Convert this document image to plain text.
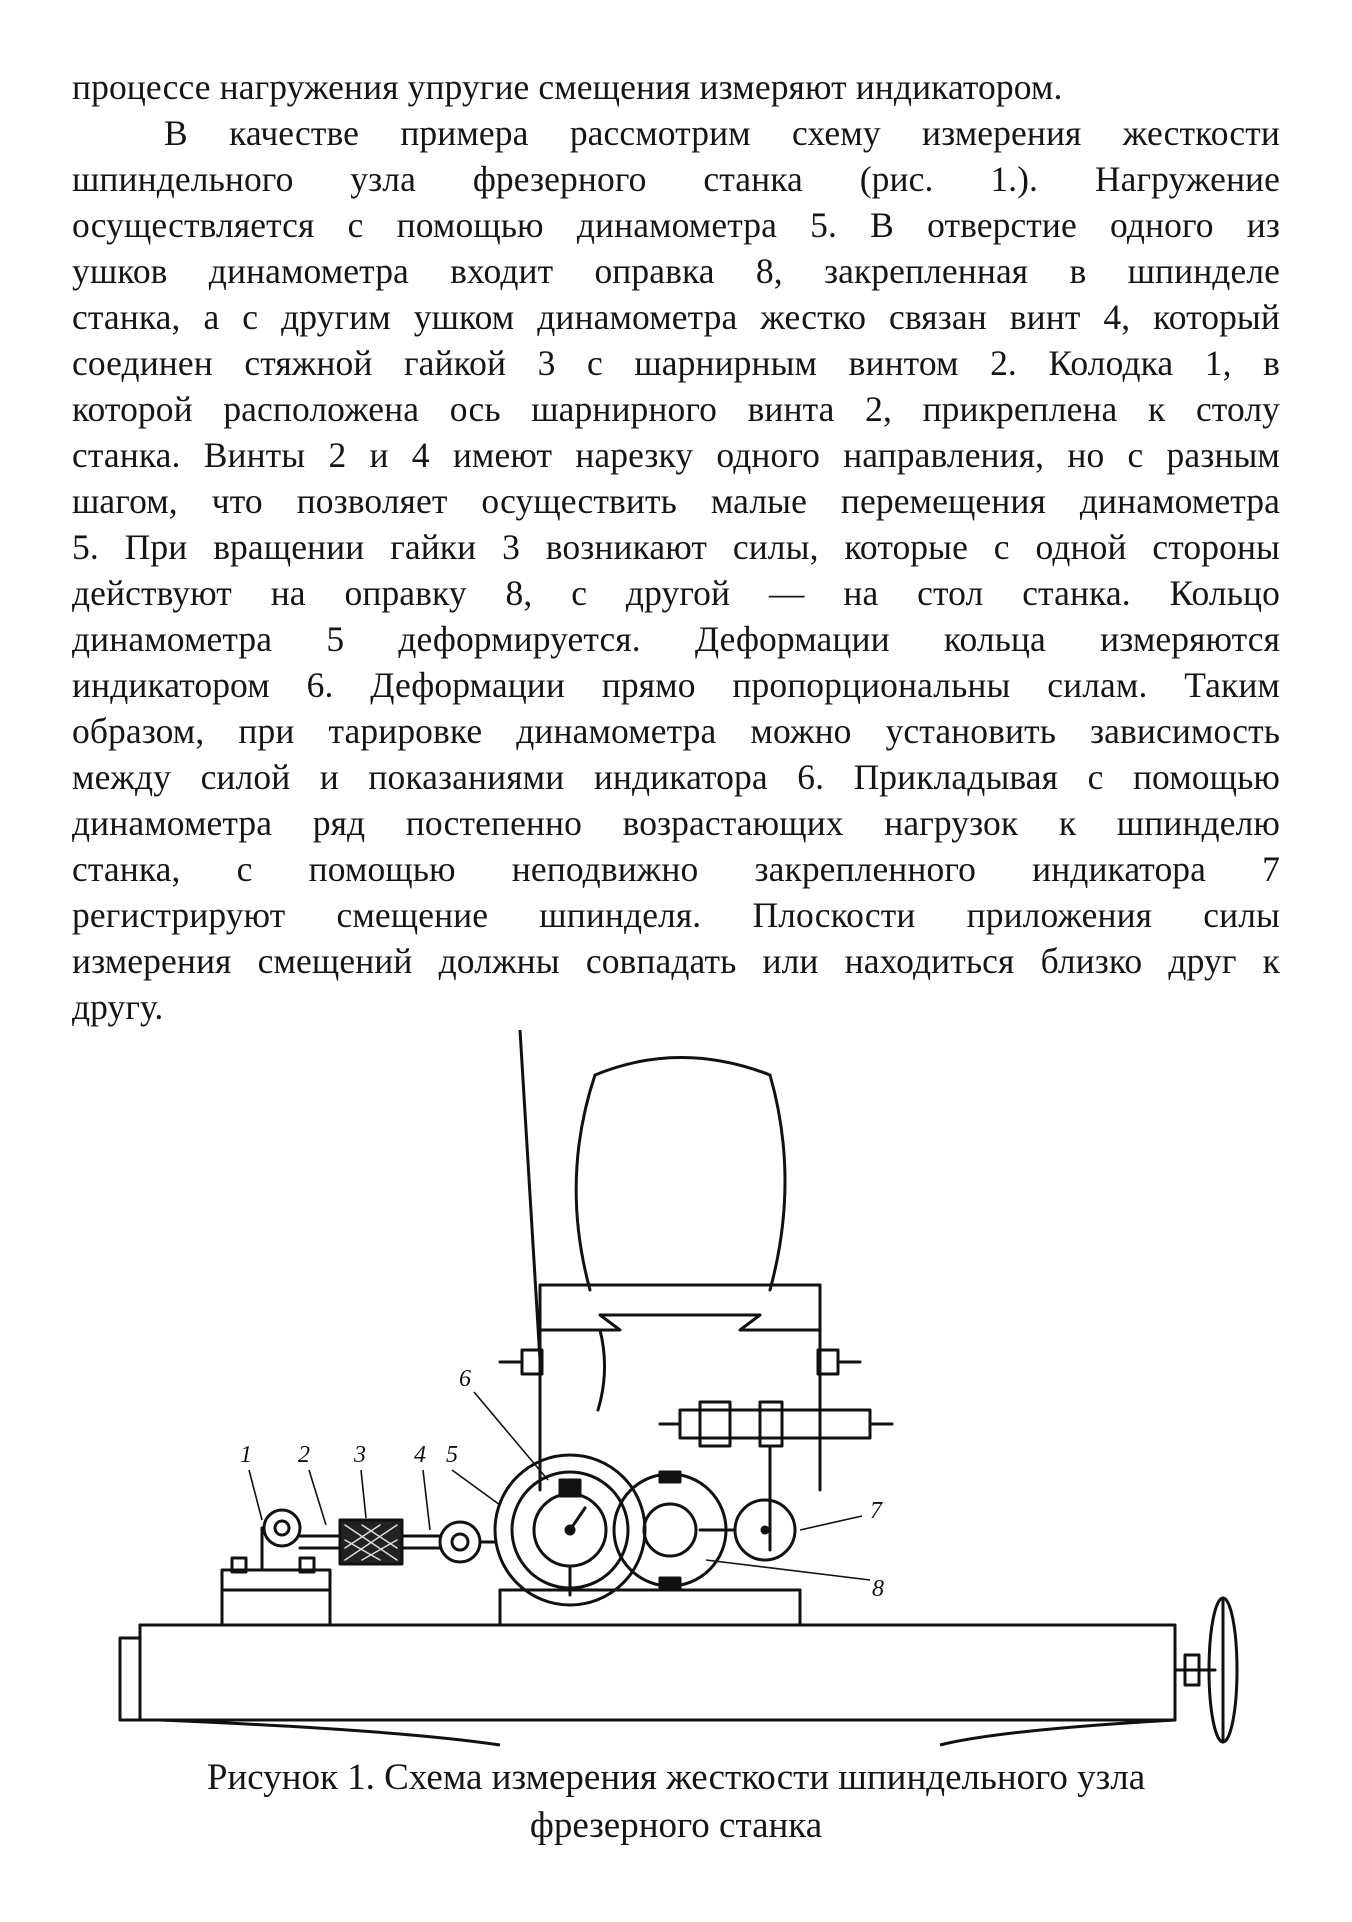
процессе нагружения упругие смещения измеряют индикатором.
В качестве примера рассмотрим схему измерения жесткости
шпиндельного узла фрезерного станка (рис. 1.). Нагружение
осуществляется с помощью динамометра 5. В отверстие одного из
ушков динамометра входит оправка 8, закрепленная в шпинделе
станка, а с другим ушком динамометра жестко связан винт 4, который
соединен стяжной гайкой 3 с шарнирным винтом 2. Колодка 1, в
которой расположена ось шарнирного винта 2, прикреплена к столу
станка. Винты 2 и 4 имеют нарезку одного направления, но с разным
шагом, что позволяет осуществить малые перемещения динамометра
5. При вращении гайки 3 возникают силы, которые с одной стороны
действуют на оправку 8, с другой — на стол станка. Кольцо
динамометра 5 деформируется. Деформации кольца измеряются
индикатором 6. Деформации прямо пропорциональны силам. Таким
образом, при тарировке динамометра можно установить зависимость
между силой и показаниями индикатора 6. Прикладывая с помощью
динамометра ряд постепенно возрастающих нагрузок к шпинделю
станка, с помощью неподвижно закрепленного индикатора 7
регистрируют смещение шпинделя. Плоскости приложения силы
измерения смещений должны совпадать или находиться близко друг к
другу.
1 2 3 4 5
6
7
8
Рисунок 1. Схема измерения жесткости шпиндельного узла
фрезерного станка
